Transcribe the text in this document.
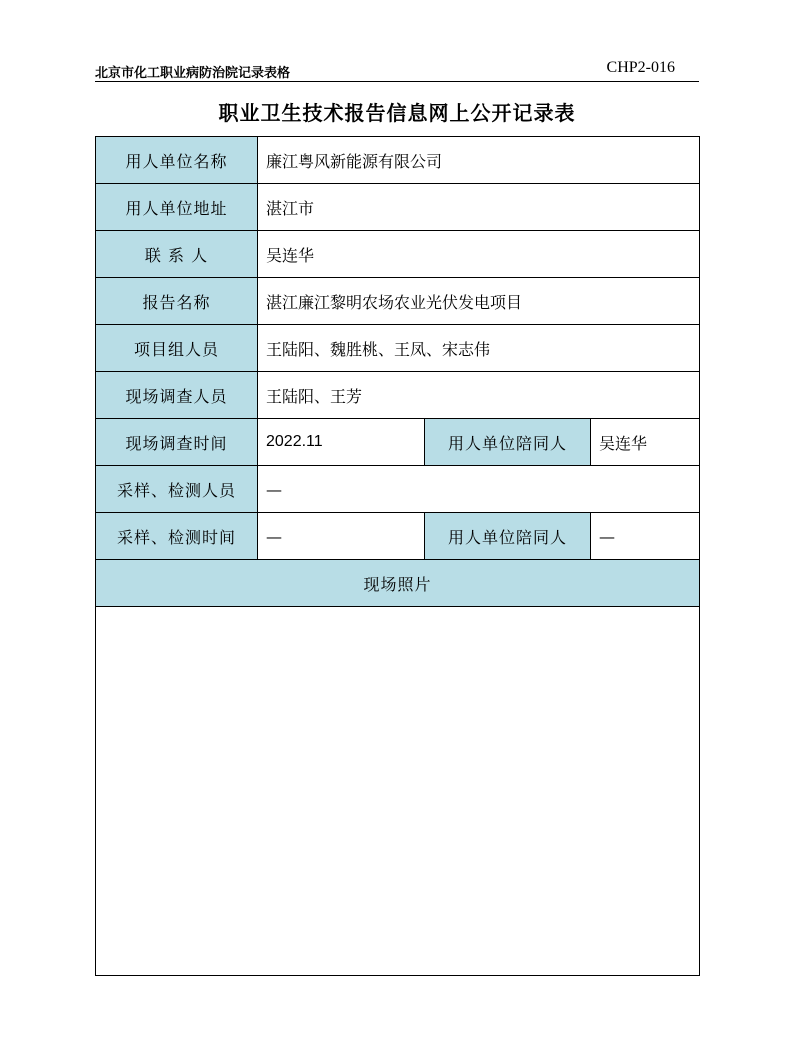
北京市化工职业病防治院记录表格	CHP2-016
职业卫生技术报告信息网上公开记录表
用人单位名称	廉江粤风新能源有限公司		
用人单位地址	湛江市		
联 系 人	吴连华		
报告名称	湛江廉江黎明农场农业光伏发电项目		
项目组人员	王陆阳、魏胜桃、王凤、宋志伟		
现场调查人员	王陆阳、王芳		
现场调查时间	2022.11	用人单位陪同人	吴连华
采样、检测人员	—		
采样、检测时间	—	用人单位陪同人	—
现场照片			
